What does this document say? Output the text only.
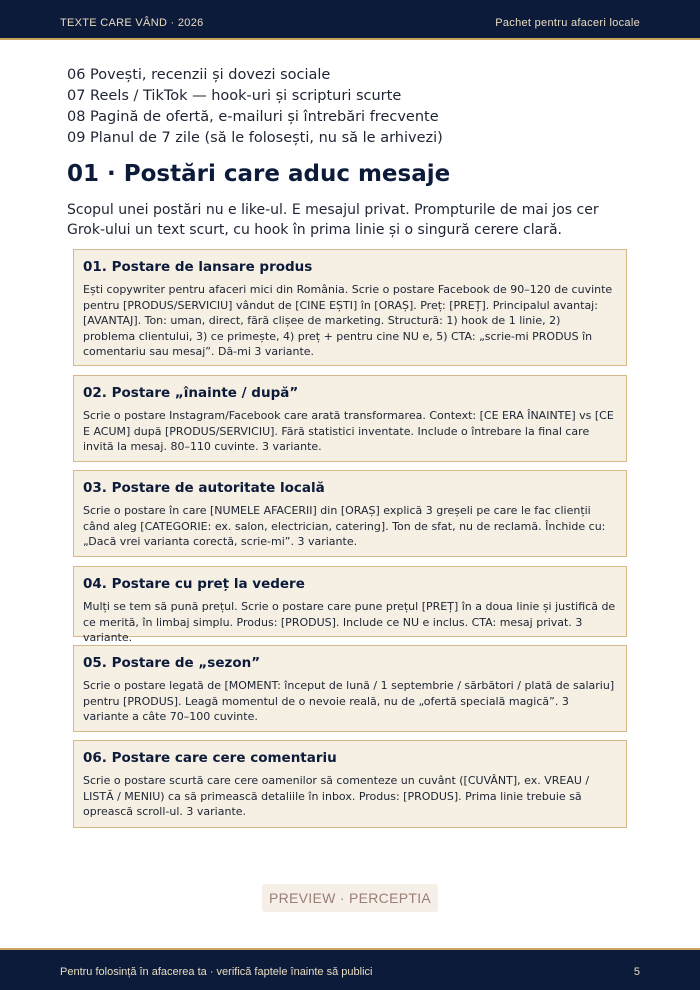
TEXTE CARE VÂND · 2026	Pachet pentru afaceri locale
06 Povești, recenzii și dovezi sociale
07 Reels / TikTok — hook-uri și scripturi scurte
08 Pagină de ofertă, e-mailuri și întrebări frecvente
09 Planul de 7 zile (să le folosești, nu să le arhivezi)
01 · Postări care aduc mesaje

Scopul unei postări nu e like-ul. E mesajul privat. Prompturile de mai jos cer Grok-ului un text scurt, cu hook în prima linie și o singură cerere clară.

01. Postare de lansare produs
Ești copywriter pentru afaceri mici din România. Scrie o postare Facebook de 90–120 de cuvinte pentru [PRODUS/SERVICIU] vândut de [CINE EȘTI] în [ORAȘ]. Preț: [PREȚ]. Principalul avantaj: [AVANTAJ]. Ton: uman, direct, fără clișee de marketing. Structură: 1) hook de 1 linie, 2) problema clientului, 3) ce primește, 4) preț + pentru cine NU e, 5) CTA: „scrie-mi PRODUS în comentariu sau mesaj”. Dă-mi 3 variante.
02. Postare „înainte / după”
Scrie o postare Instagram/Facebook care arată transformarea. Context: [CE ERA ÎNAINTE] vs [CE E ACUM] după [PRODUS/SERVICIU]. Fără statistici inventate. Include o întrebare la final care invită la mesaj. 80–110 cuvinte. 3 variante.
03. Postare de autoritate locală
Scrie o postare în care [NUMELE AFACERII] din [ORAȘ] explică 3 greșeli pe care le fac clienții când aleg [CATEGORIE: ex. salon, electrician, catering]. Ton de sfat, nu de reclamă. Închide cu: „Dacă vrei varianta corectă, scrie-mi”. 3 variante.
04. Postare cu preț la vedere
Mulți se tem să pună prețul. Scrie o postare care pune prețul [PREȚ] în a doua linie și justifică de ce merită, în limbaj simplu. Produs: [PRODUS]. Include ce NU e inclus. CTA: mesaj privat. 3 variante.
05. Postare de „sezon”
Scrie o postare legată de [MOMENT: început de lună / 1 septembrie / sărbători / plată de salariu] pentru [PRODUS]. Leagă momentul de o nevoie reală, nu de „ofertă specială magică”. 3 variante a câte 70–100 cuvinte.
06. Postare care cere comentariu
Scrie o postare scurtă care cere oamenilor să comenteze un cuvânt ([CUVÂNT], ex. VREAU / LISTĂ / MENIU) ca să primească detaliile în inbox. Produs: [PRODUS]. Prima linie trebuie să oprească scroll-ul. 3 variante.
PREVIEW · PERCEPTIA
Pentru folosință în afacerea ta · verifică faptele înainte să publici	5
